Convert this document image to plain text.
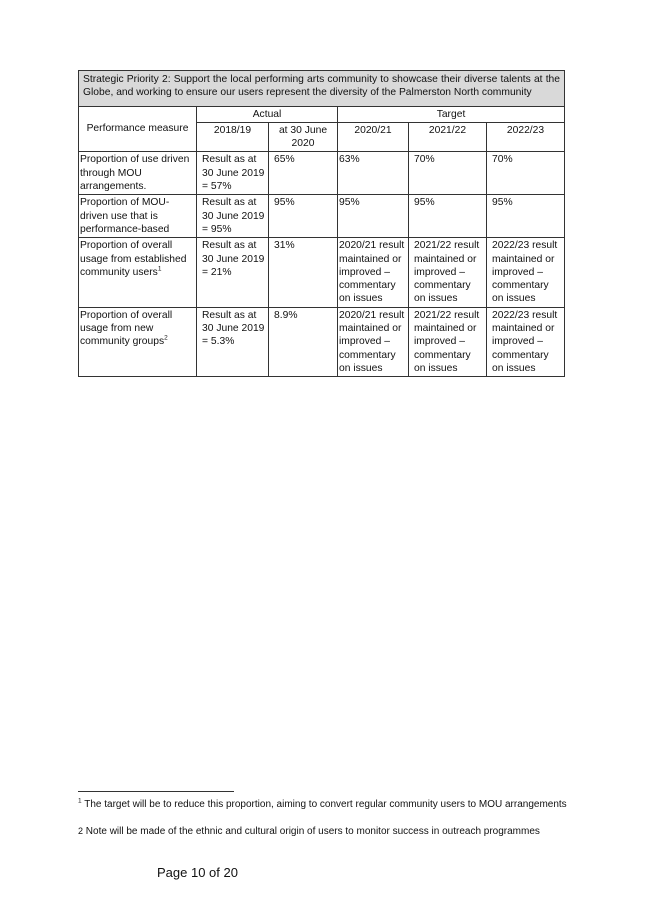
Strategic Priority 2: Support the local performing arts community to showcase their diverse talents at the Globe, and working to ensure our users represent the diversity of the Palmerston North community					
Performance measure	Actual		Target		
	2018/19	at 30 June 2020	2020/21	2021/22	2022/23
Proportion of use driven through MOU arrangements.	Result as at 30 June 2019 = 57%	65%	63%	70%	70%
Proportion of MOU-driven use that is performance-based	Result as at 30 June 2019 = 95%	95%	95%	95%	95%
Proportion of overall usage from established community users$^1$	Result as at 30 June 2019 = 21%	31%	2020/21 result maintained or improved – commentary on issues	2021/22 result maintained or improved – commentary on issues	2022/23 result maintained or improved – commentary on issues
Proportion of overall usage from new community groups$^2$	Result as at 30 June 2019 = 5.3%	8.9%	2020/21 result maintained or improved – commentary on issues	2021/22 result maintained or improved – commentary on issues	2022/23 result maintained or improved – commentary on issues
$^1$ The target will be to reduce this proportion, aiming to convert regular community users to MOU arrangements
2 Note will be made of the ethnic and cultural origin of users to monitor success in outreach programmes
Page 10 of 20
